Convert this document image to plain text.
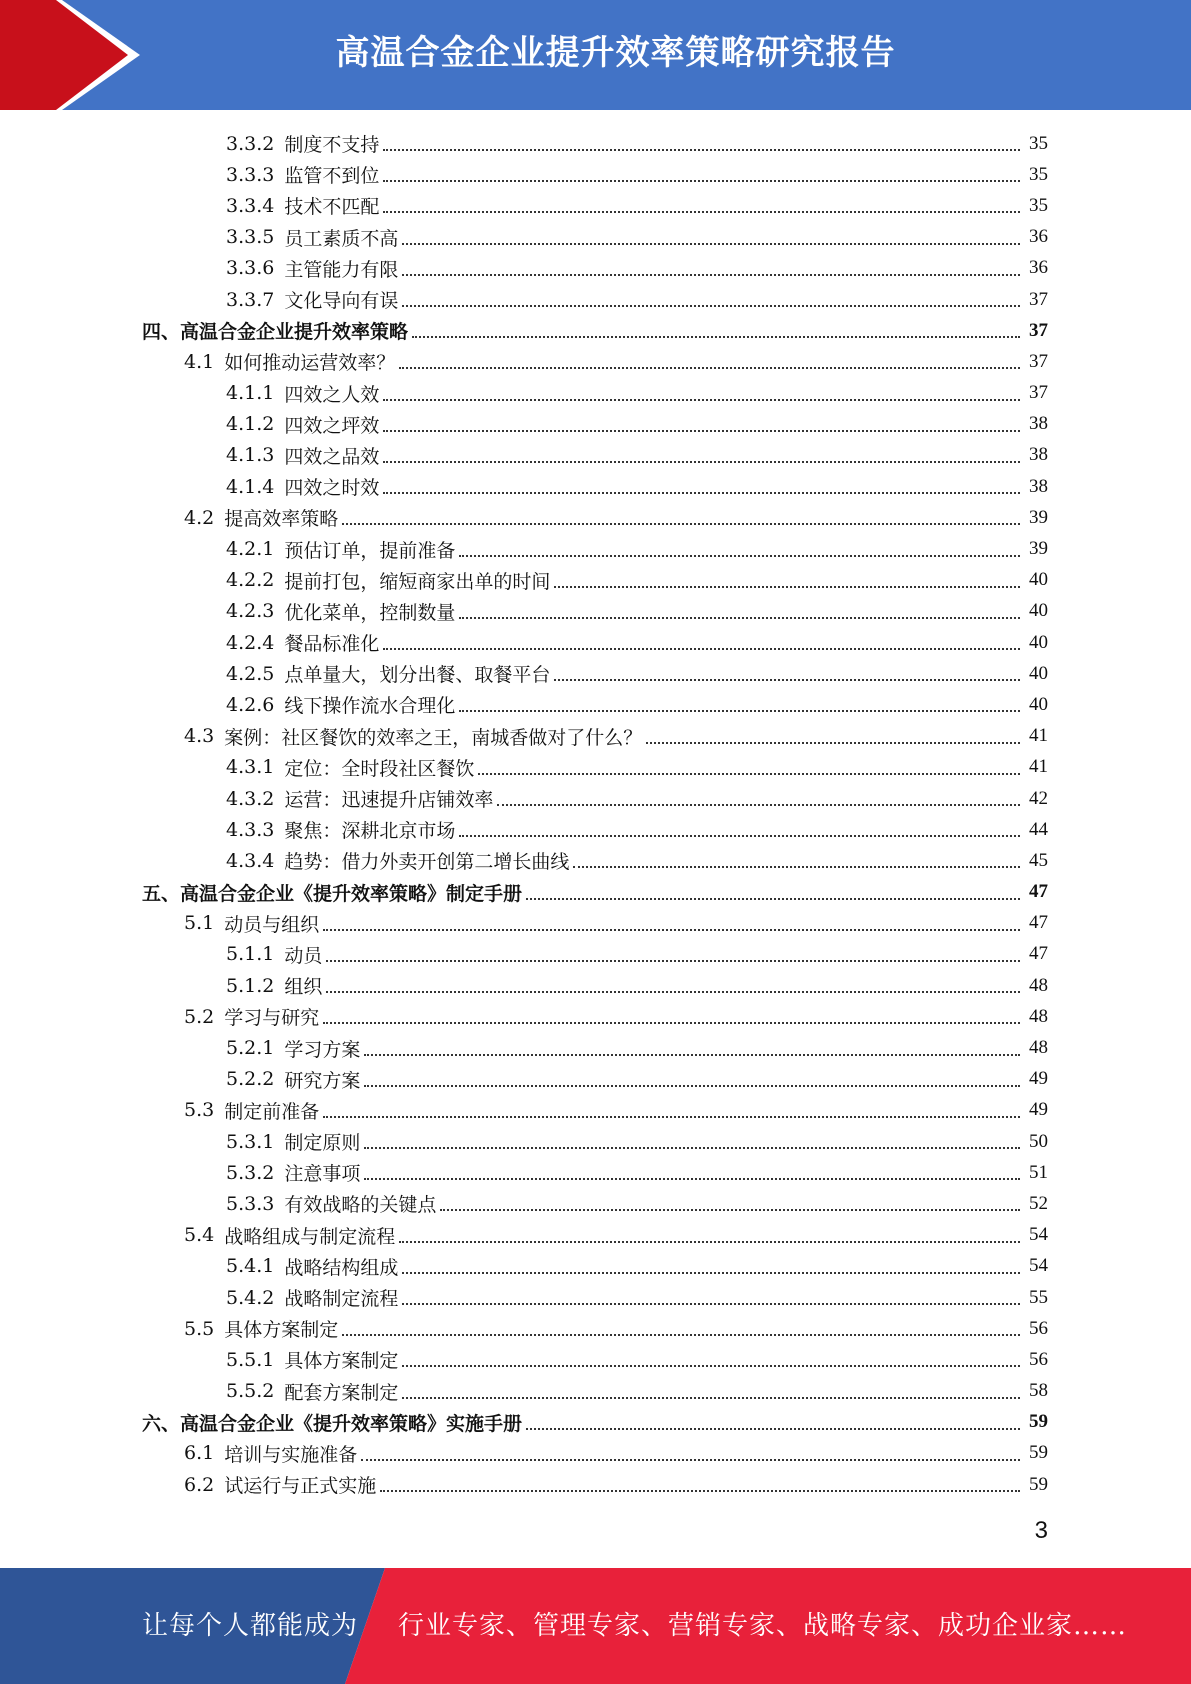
高温合金企业提升效率策略研究报告
3.3.2 制度不支持	35
3.3.3 监管不到位	35
3.3.4 技术不匹配	35
3.3.5 员工素质不高	36
3.3.6 主管能力有限	36
3.3.7 文化导向有误	37
四、 高温合金企业提升效率策略	37
4.1 如何推动运营效率？	37
4.1.1 四效之人效	37
4.1.2 四效之坪效	38
4.1.3 四效之品效	38
4.1.4 四效之时效	38
4.2 提高效率策略	39
4.2.1 预估订单，提前准备	39
4.2.2 提前打包，缩短商家出单的时间	40
4.2.3 优化菜单，控制数量	40
4.2.4 餐品标准化	40
4.2.5 点单量大，划分出餐、取餐平台	40
4.2.6 线下操作流水合理化	40
4.3 案例：社区餐饮的效率之王，南城香做对了什么？	41
4.3.1 定位：全时段社区餐饮	41
4.3.2 运营：迅速提升店铺效率	42
4.3.3 聚焦：深耕北京市场	44
4.3.4 趋势：借力外卖开创第二增长曲线	45
五、 高温合金企业《提升效率策略》制定手册	47
5.1 动员与组织	47
5.1.1 动员	47
5.1.2 组织	48
5.2 学习与研究	48
5.2.1 学习方案	48
5.2.2 研究方案	49
5.3 制定前准备	49
5.3.1 制定原则	50
5.3.2 注意事项	51
5.3.3 有效战略的关键点	52
5.4 战略组成与制定流程	54
5.4.1 战略结构组成	54
5.4.2 战略制定流程	55
5.5 具体方案制定	56
5.5.1 具体方案制定	56
5.5.2 配套方案制定	58
六、 高温合金企业《提升效率策略》实施手册	59
6.1 培训与实施准备	59
6.2 试运行与正式实施	59
3
让每个人都能成为 行业专家、管理专家、营销专家、战略专家、成功企业家……
